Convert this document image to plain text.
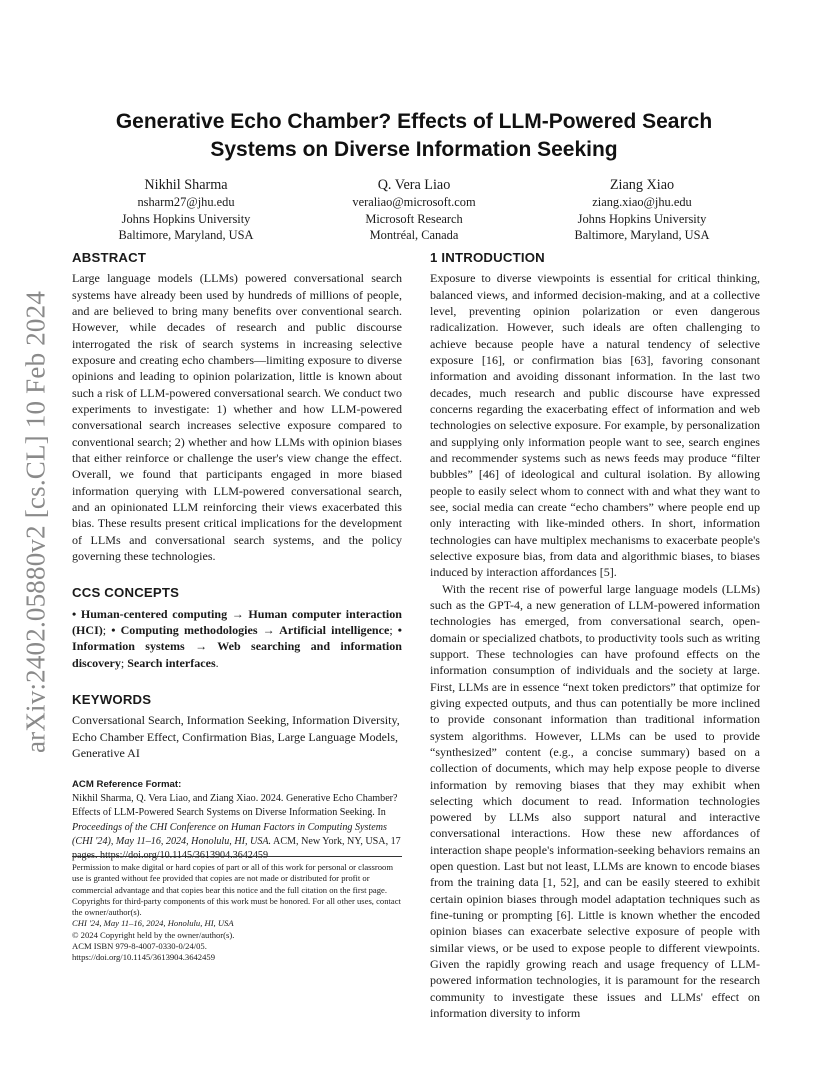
arXiv:2402.05880v2 [cs.CL] 10 Feb 2024
Generative Echo Chamber? Effects of LLM-Powered Search Systems on Diverse Information Seeking
Nikhil Sharma
nsharm27@jhu.edu
Johns Hopkins University
Baltimore, Maryland, USA
Q. Vera Liao
veraliao@microsoft.com
Microsoft Research
Montréal, Canada
Ziang Xiao
ziang.xiao@jhu.edu
Johns Hopkins University
Baltimore, Maryland, USA
ABSTRACT

Large language models (LLMs) powered conversational search systems have already been used by hundreds of millions of people, and are believed to bring many benefits over conventional search. However, while decades of research and public discourse interrogated the risk of search systems in increasing selective exposure and creating echo chambers—limiting exposure to diverse opinions and leading to opinion polarization, little is known about such a risk of LLM-powered conversational search. We conduct two experiments to investigate: 1) whether and how LLM-powered conversational search increases selective exposure compared to conventional search; 2) whether and how LLMs with opinion biases that either reinforce or challenge the user's view change the effect. Overall, we found that participants engaged in more biased information querying with LLM-powered conversational search, and an opinionated LLM reinforcing their views exacerbated this bias. These results present critical implications for the development of LLMs and conversational search systems, and the policy governing these technologies.

CCS CONCEPTS

• Human-centered computing → Human computer interaction (HCI); • Computing methodologies → Artificial intelligence; • Information systems → Web searching and information discovery; Search interfaces.

KEYWORDS

Conversational Search, Information Seeking, Information Diversity, Echo Chamber Effect, Confirmation Bias, Large Language Models, Generative AI

ACM Reference Format:

Nikhil Sharma, Q. Vera Liao, and Ziang Xiao. 2024. Generative Echo Chamber? Effects of LLM-Powered Search Systems on Diverse Information Seeking. In Proceedings of the CHI Conference on Human Factors in Computing Systems (CHI '24), May 11–16, 2024, Honolulu, HI, USA. ACM, New York, NY, USA, 17 pages. https://doi.org/10.1145/3613904.3642459

Permission to make digital or hard copies of part or all of this work for personal or classroom use is granted without fee provided that copies are not made or distributed for profit or commercial advantage and that copies bear this notice and the full citation on the first page. Copyrights for third-party components of this work must be honored. For all other uses, contact the owner/author(s).
CHI '24, May 11–16, 2024, Honolulu, HI, USA
© 2024 Copyright held by the owner/author(s).
ACM ISBN 979-8-4007-0330-0/24/05.
https://doi.org/10.1145/3613904.3642459
1 INTRODUCTION

Exposure to diverse viewpoints is essential for critical thinking, balanced views, and informed decision-making, and at a collective level, preventing opinion polarization or even dangerous radicalization. However, such ideals are often challenging to achieve because people have a natural tendency of selective exposure [16], or confirmation bias [63], favoring consonant information and avoiding dissonant information. In the last two decades, much research and public discourse have expressed concerns regarding the exacerbating effect of information and web technologies on selective exposure. For example, by personalization and supplying only information people want to see, search engines and recommender systems such as news feeds may produce “filter bubbles” [46] of ideological and cultural isolation. By allowing people to easily select whom to connect with and what they want to see, social media can create “echo chambers” where people end up only interacting with like-minded others. In short, information technologies can have multiplex mechanisms to exacerbate people's selective exposure bias, from data and algorithmic biases, to biases induced by interaction affordances [5].

With the recent rise of powerful large language models (LLMs) such as the GPT-4, a new generation of LLM-powered information technologies has emerged, from conversational search, open-domain or specialized chatbots, to productivity tools such as writing support. These technologies can have profound effects on the information consumption of individuals and the society at large. First, LLMs are in essence “next token predictors” that optimize for giving expected outputs, and thus can potentially be more inclined to provide consonant information than traditional information system algorithms. However, LLMs can be used to provide “synthesized” content (e.g., a concise summary) based on a collection of documents, which may help expose people to diverse information by removing biases that they may exhibit when selecting which document to read. Information technologies powered by LLMs also support natural and interactive conversational interactions. How these new affordances of interaction shape people's information-seeking behaviors remains an open question. Last but not least, LLMs are known to encode biases from the training data [1, 52], and can be easily steered to exhibit certain opinion biases through model adaptation techniques such as fine-tuning or prompting [6]. Little is known whether the encoded opinion biases can exacerbate selective exposure of people with similar views, or be used to expose people to different viewpoints. Given the rapidly growing reach and usage frequency of LLM-powered information technologies, it is paramount for the research community to investigate these issues and LLMs' effect on information diversity to inform
